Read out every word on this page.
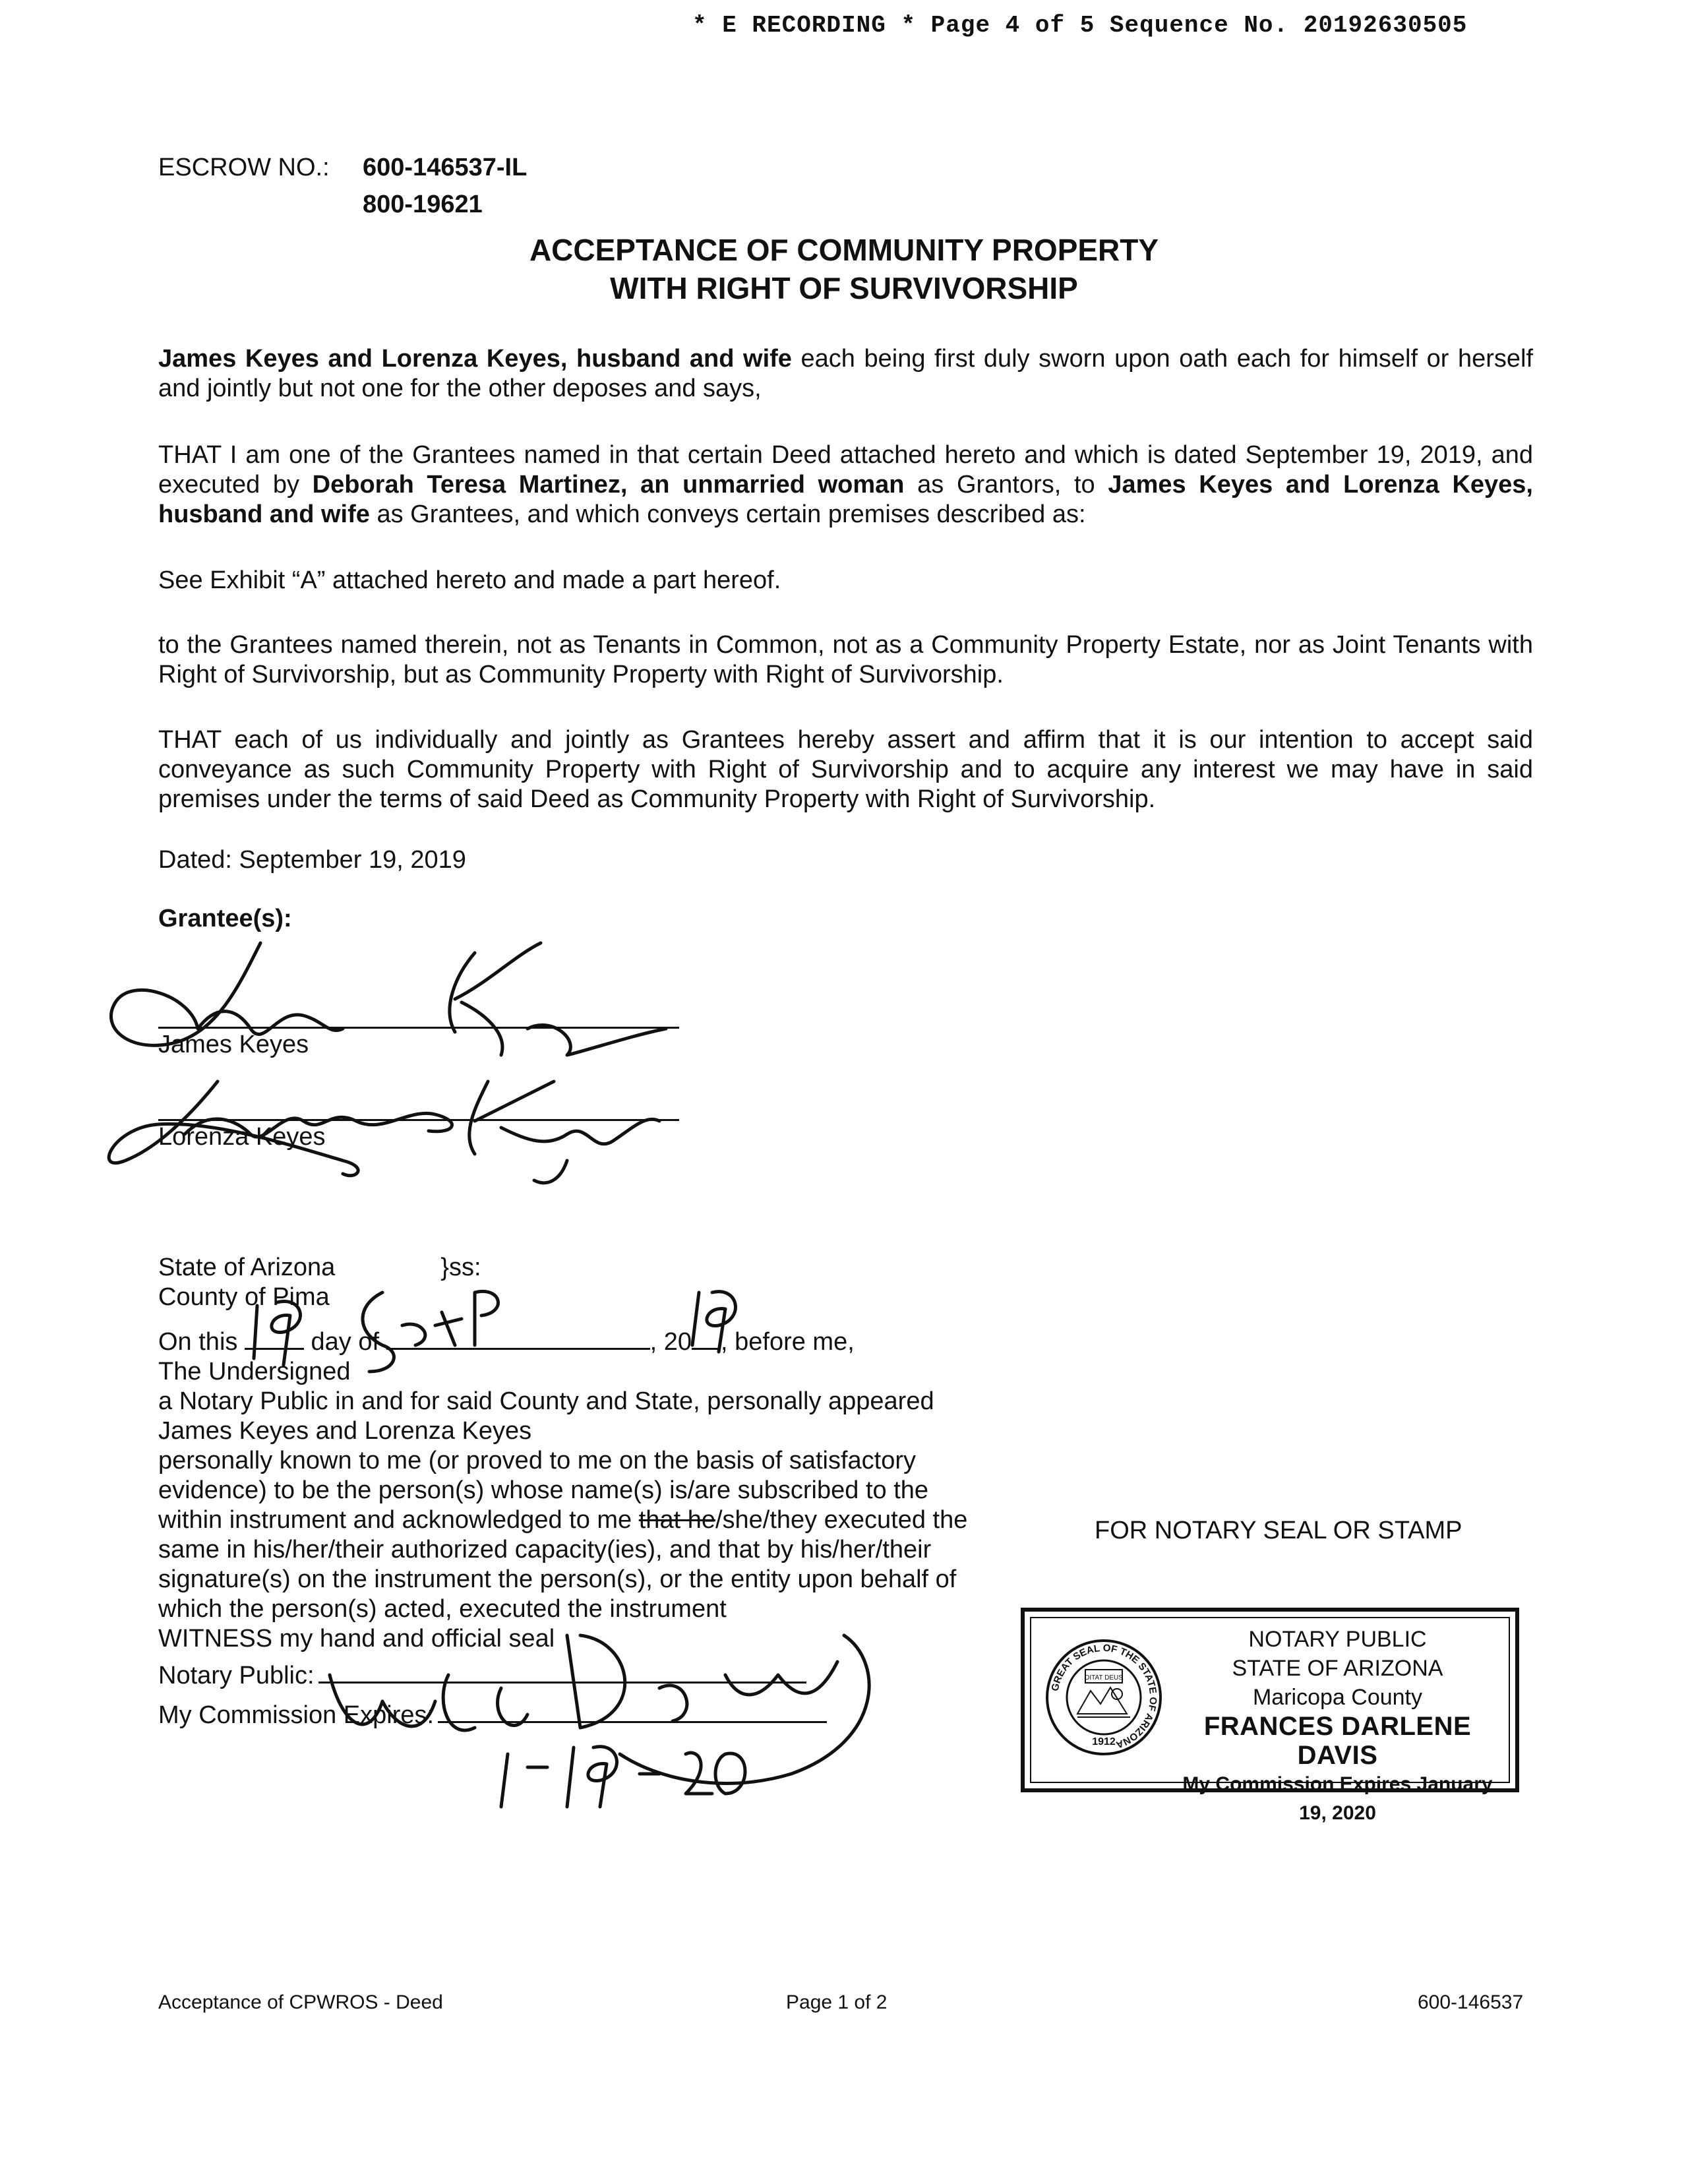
* E RECORDING * Page 4 of 5 Sequence No. 20192630505
ESCROW NO.: 600-146537-IL
800-19621
ACCEPTANCE OF COMMUNITY PROPERTY
WITH RIGHT OF SURVIVORSHIP
James Keyes and Lorenza Keyes, husband and wife each being first duly sworn upon oath each for himself or herself and jointly but not one for the other deposes and says,
THAT I am one of the Grantees named in that certain Deed attached hereto and which is dated September 19, 2019, and executed by Deborah Teresa Martinez, an unmarried woman as Grantors, to James Keyes and Lorenza Keyes, husband and wife as Grantees, and which conveys certain premises described as:
See Exhibit “A” attached hereto and made a part hereof.
to the Grantees named therein, not as Tenants in Common, not as a Community Property Estate, nor as Joint Tenants with Right of Survivorship, but as Community Property with Right of Survivorship.
THAT each of us individually and jointly as Grantees hereby assert and affirm that it is our intention to accept said conveyance as such Community Property with Right of Survivorship and to acquire any interest we may have in said premises under the terms of said Deed as Community Property with Right of Survivorship.
Dated: September 19, 2019
Grantee(s):
James Keyes
Lorenza Keyes
State of Arizona	}ss:
County of Pima
On this	day of	, 20 , before me,
The Undersigned
a Notary Public in and for said County and State, personally appeared
James Keyes and Lorenza Keyes
personally known to me (or proved to me on the basis of satisfactory
evidence) to be the person(s) whose name(s) is/are subscribed to the
within instrument and acknowledged to me that he/she/they executed the
same in his/her/their authorized capacity(ies), and that by his/her/their
signature(s) on the instrument the person(s), or the entity upon behalf of
which the person(s) acted, executed the instrument
WITNESS my hand and official seal
Notary Public:
My Commission Expires:
FOR NOTARY SEAL OR STAMP
GREAT SEAL OF THE STATE OF ARIZONA
DITAT DEUS
1912
NOTARY PUBLIC
STATE OF ARIZONA
Maricopa County
FRANCES DARLENE DAVIS
My Commission Expires January 19, 2020
Acceptance of CPWROS - Deed	Page 1 of 2	600-146537
